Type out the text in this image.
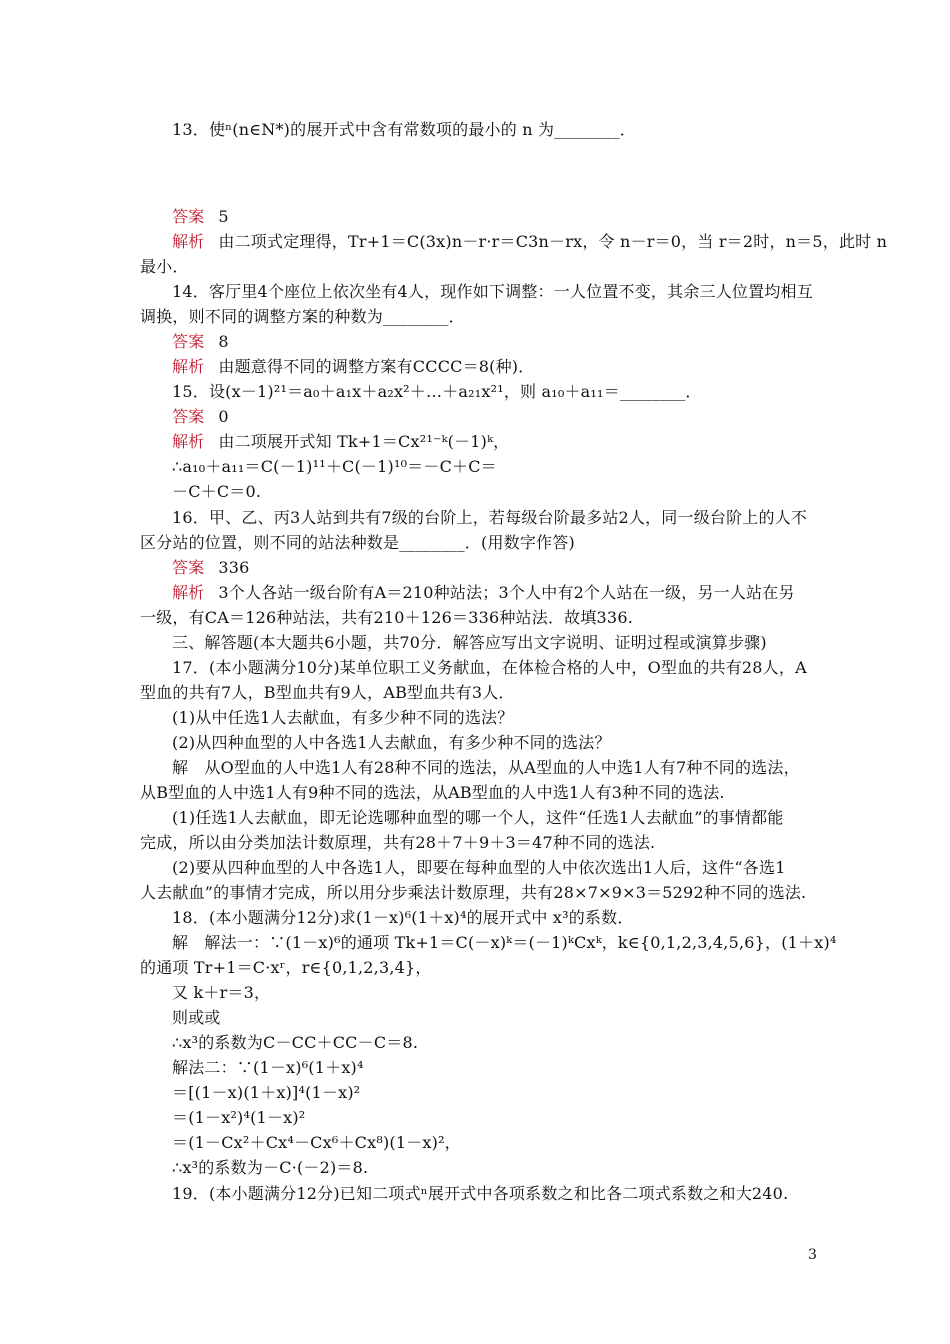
13．使ⁿ(n∈N*)的展开式中含有常数项的最小的 n 为________．
答案 5
解析 由二项式定理得，Tr+1＝C(3x)n－r·r＝C3n－rx，令 n－r＝0，当 r＝2时，n＝5，此时 n
最小．
14．客厅里4个座位上依次坐有4人，现作如下调整：一人位置不变，其余三人位置均相互
调换，则不同的调整方案的种数为________．
答案 8
解析 由题意得不同的调整方案有CCCC＝8(种)．
15．设(x－1)²¹＝a₀＋a₁x＋a₂x²＋…＋a₂₁x²¹，则 a₁₀＋a₁₁＝________．
答案 0
解析 由二项展开式知 Tk+1＝Cx²¹⁻ᵏ(－1)ᵏ，
∴a₁₀＋a₁₁＝C(－1)¹¹＋C(－1)¹⁰＝－C＋C＝
－C＋C＝0.
16．甲、乙、丙3人站到共有7级的台阶上，若每级台阶最多站2人，同一级台阶上的人不
区分站的位置，则不同的站法种数是________．(用数字作答)
答案 336
解析 3个人各站一级台阶有A＝210种站法；3个人中有2个人站在一级，另一人站在另
一级，有CA＝126种站法，共有210＋126＝336种站法．故填336.
三、解答题(本大题共6小题，共70分．解答应写出文字说明、证明过程或演算步骤)
17．(本小题满分10分)某单位职工义务献血，在体检合格的人中，O型血的共有28人，A
型血的共有7人，B型血共有9人，AB型血共有3人．
(1)从中任选1人去献血，有多少种不同的选法？
(2)从四种血型的人中各选1人去献血，有多少种不同的选法？
解　从O型血的人中选1人有28种不同的选法，从A型血的人中选1人有7种不同的选法，
从B型血的人中选1人有9种不同的选法，从AB型血的人中选1人有3种不同的选法.
(1)任选1人去献血，即无论选哪种血型的哪一个人，这件“任选1人去献血”的事情都能
完成，所以由分类加法计数原理，共有28＋7＋9＋3＝47种不同的选法.
(2)要从四种血型的人中各选1人，即要在每种血型的人中依次选出1人后，这件“各选1
人去献血”的事情才完成，所以用分步乘法计数原理，共有28×7×9×3＝5292种不同的选法.
18．(本小题满分12分)求(1－x)⁶(1＋x)⁴的展开式中 x³的系数．
解　解法一：∵(1－x)⁶的通项 Tk+1＝C(－x)ᵏ＝(－1)ᵏCxᵏ，k∈{0,1,2,3,4,5,6}，(1＋x)⁴
的通项 Tr+1＝C·xʳ，r∈{0,1,2,3,4}，
又 k＋r＝3，
则或或
∴x³的系数为C－CC＋CC－C＝8.
解法二：∵(1－x)⁶(1＋x)⁴
＝[(1－x)(1＋x)]⁴(1－x)²
＝(1－x²)⁴(1－x)²
＝(1－Cx²＋Cx⁴－Cx⁶＋Cx⁸)(1－x)²，
∴x³的系数为－C·(－2)＝8.
19．(本小题满分12分)已知二项式ⁿ展开式中各项系数之和比各二项式系数之和大240.
3
